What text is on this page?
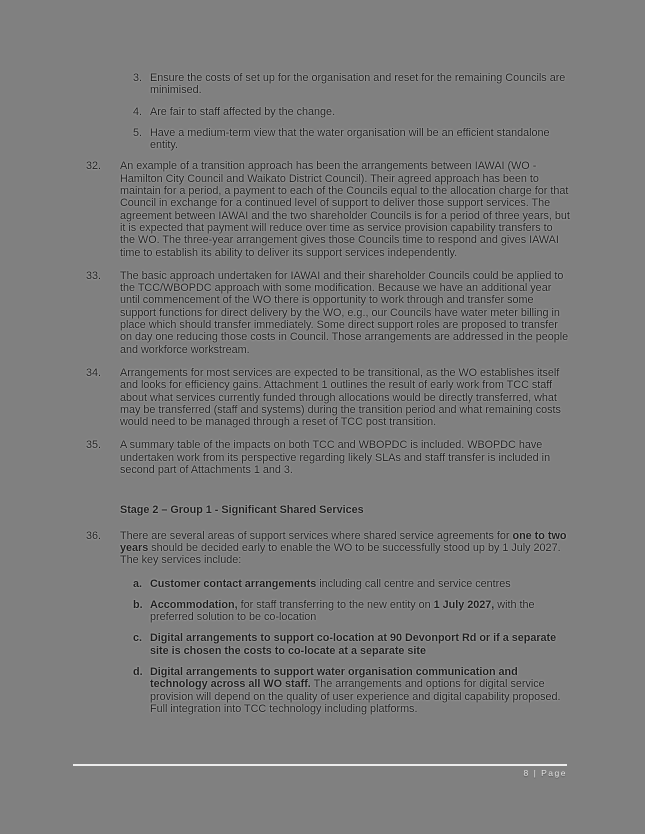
3. Ensure the costs of set up for the organisation and reset for the remaining Councils are minimised.
4. Are fair to staff affected by the change.
5. Have a medium-term view that the water organisation will be an efficient standalone entity.
32. An example of a transition approach has been the arrangements between IAWAI (WO - Hamilton City Council and Waikato District Council). Their agreed approach has been to maintain for a period, a payment to each of the Councils equal to the allocation charge for that Council in exchange for a continued level of support to deliver those support services. The agreement between IAWAI and the two shareholder Councils is for a period of three years, but it is expected that payment will reduce over time as service provision capability transfers to the WO. The three-year arrangement gives those Councils time to respond and gives IAWAI time to establish its ability to deliver its support services independently.
33. The basic approach undertaken for IAWAI and their shareholder Councils could be applied to the TCC/WBOPDC approach with some modification. Because we have an additional year until commencement of the WO there is opportunity to work through and transfer some support functions for direct delivery by the WO, e.g., our Councils have water meter billing in place which should transfer immediately. Some direct support roles are proposed to transfer on day one reducing those costs in Council. Those arrangements are addressed in the people and workforce workstream.
34. Arrangements for most services are expected to be transitional, as the WO establishes itself and looks for efficiency gains. Attachment 1 outlines the result of early work from TCC staff about what services currently funded through allocations would be directly transferred, what may be transferred (staff and systems) during the transition period and what remaining costs would need to be managed through a reset of TCC post transition.
35. A summary table of the impacts on both TCC and WBOPDC is included. WBOPDC have undertaken work from its perspective regarding likely SLAs and staff transfer is included in second part of Attachments 1 and 3.
Stage 2 – Group 1 - Significant Shared Services
36. There are several areas of support services where shared service agreements for one to two years should be decided early to enable the WO to be successfully stood up by 1 July 2027. The key services include:
a. Customer contact arrangements including call centre and service centres
b. Accommodation, for staff transferring to the new entity on 1 July 2027, with the preferred solution to be co-location
c. Digital arrangements to support co-location at 90 Devonport Rd or if a separate site is chosen the costs to co-locate at a separate site
d. Digital arrangements to support water organisation communication and technology across all WO staff. The arrangements and options for digital service provision will depend on the quality of user experience and digital capability proposed. Full integration into TCC technology including platforms.
8 | Page
